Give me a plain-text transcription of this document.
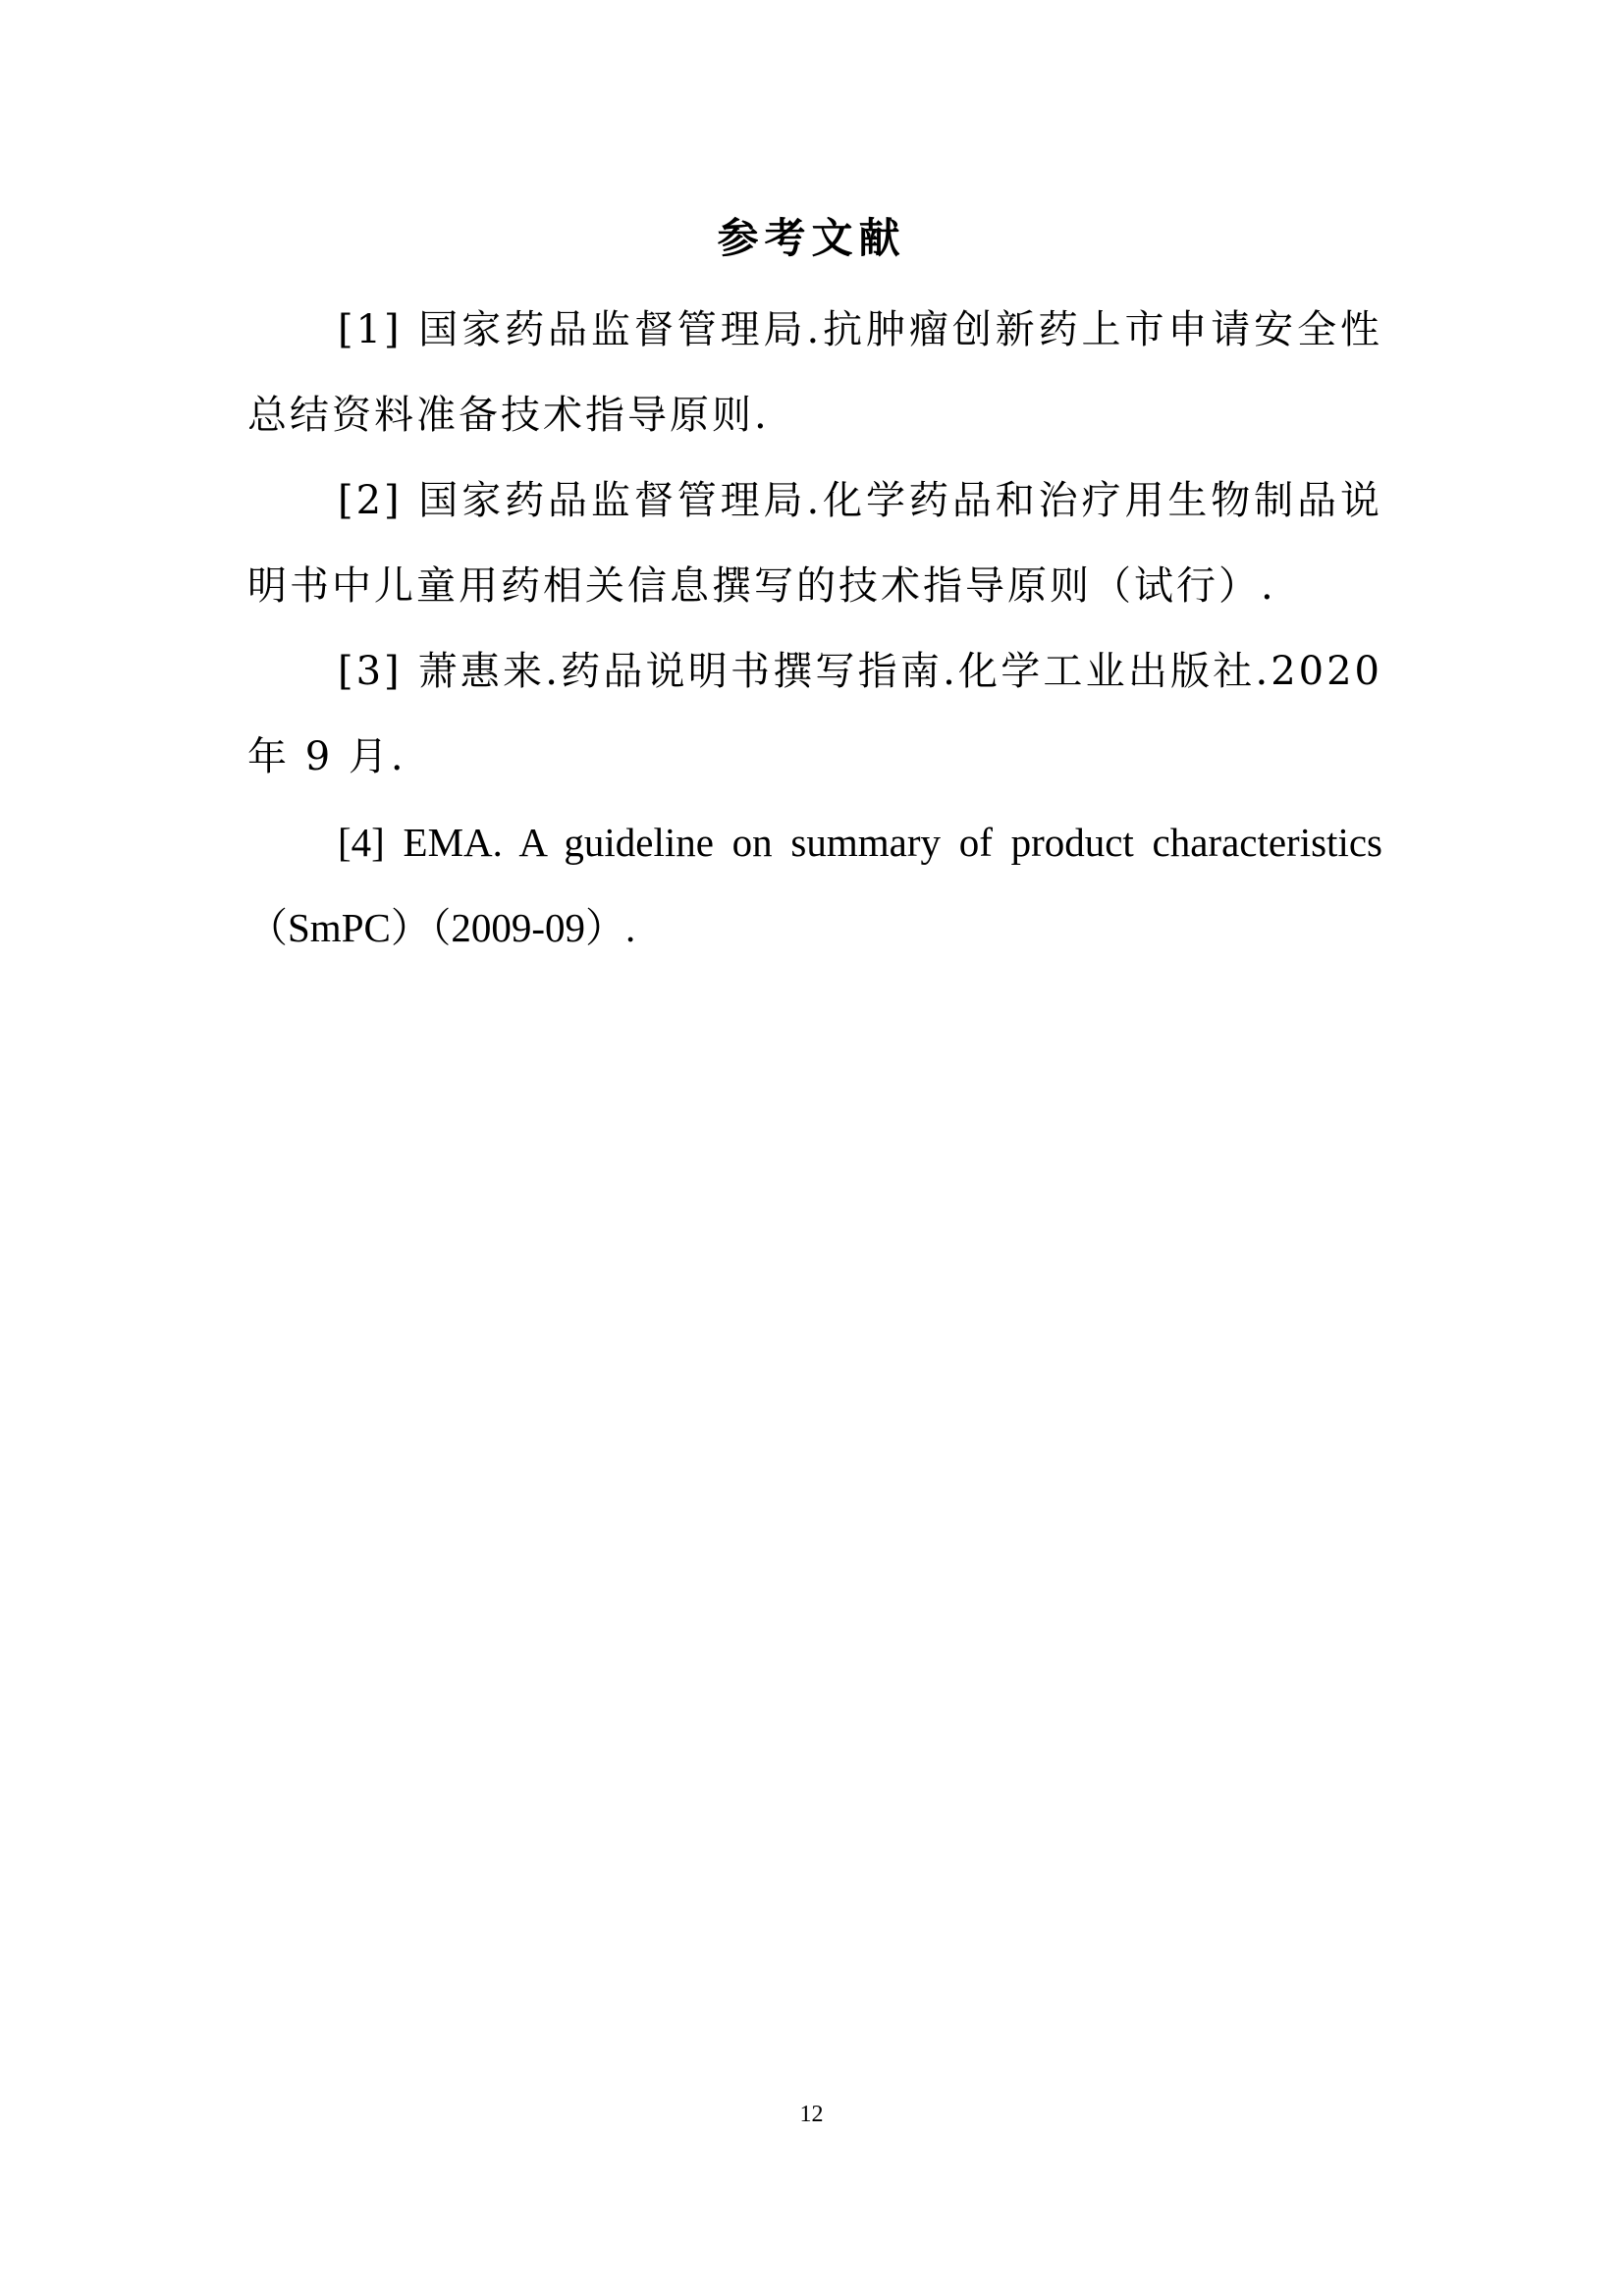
参考文献

[1] 国家药品监督管理局.抗肿瘤创新药上市申请安全性总结资料准备技术指导原则.

[2] 国家药品监督管理局.化学药品和治疗用生物制品说明书中儿童用药相关信息撰写的技术指导原则（试行）.

[3] 萧惠来.药品说明书撰写指南.化学工业出版社.2020年 9 月.

[4] EMA. A guideline on summary of product characteristics （SmPC）（2009-09）.

12
